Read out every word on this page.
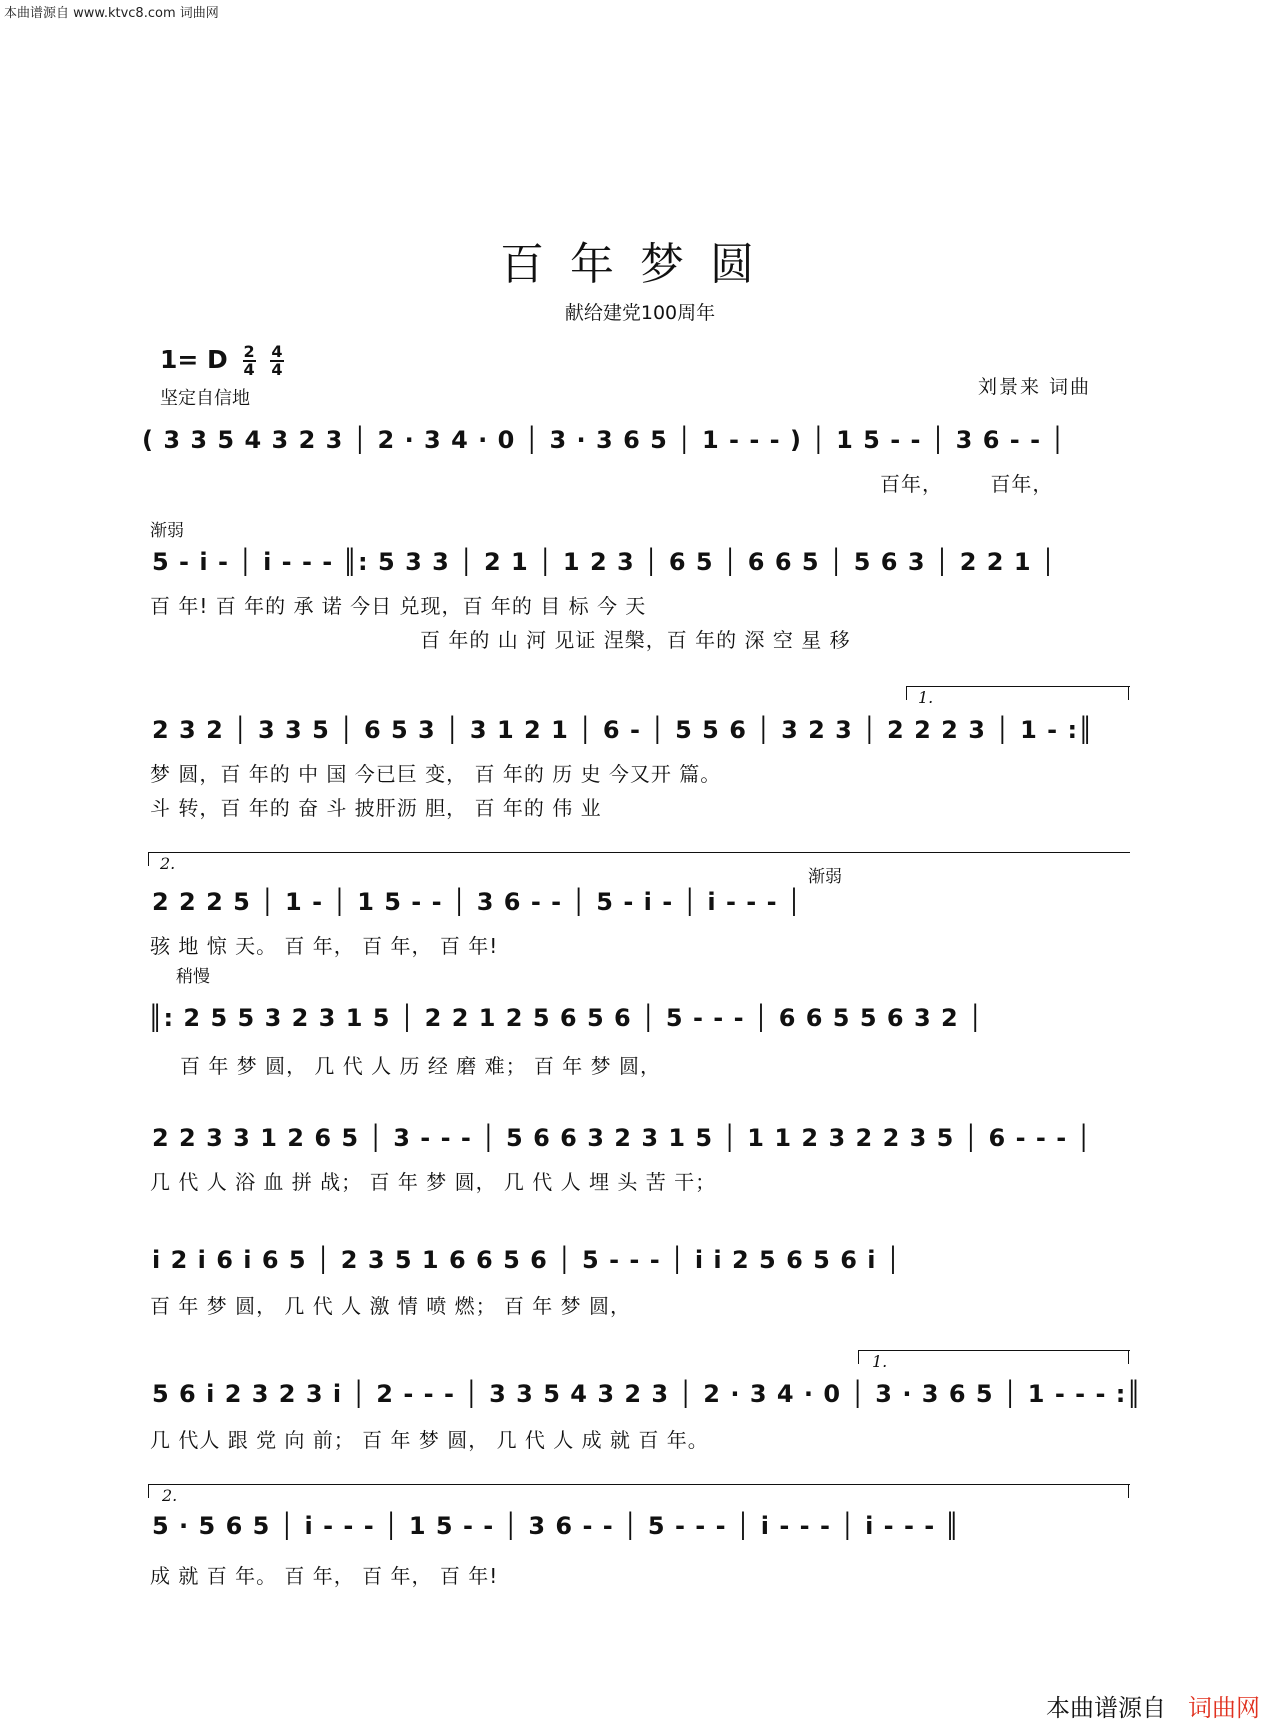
本曲谱源自 www.ktvc8.com 词曲网
百年梦圆
献给建党100周年
1= D $\frac{2}{4}$
$\frac{4}{4}$
坚定自信地
刘景来 词曲
( 3 3 5 4 3 2 3 │ 2 · 3 4 · 0 │ 3 · 3 6 5 │ 1 - - - ) │ 1 5 - - │ 3 6 - - │
百年， 百年，
渐弱
5 - i - │ i - - - ║: 5 3 3 │ 2 1 │ 1 2 3 │ 6 5 │ 6 6 5 │ 5 6 3 │ 2 2 1 │
百 年! 百 年的 承 诺 今日 兑现，百 年的 目 标 今 天
百 年的 山 河 见证 涅槃，百 年的 深 空 星 移
1.
2 3 2 │ 3 3 5 │ 6 5 3 │ 3 1 2 1 │ 6 - │ 5 5 6 │ 3 2 3 │ 2 2 2 3 │ 1 - :║
梦 圆，百 年的 中 国 今已巨 变， 百 年的 历 史 今又开 篇。
斗 转，百 年的 奋 斗 披肝沥 胆， 百 年的 伟 业
2.
渐弱
2 2 2 5 │ 1 - │ 1 5 - - │ 3 6 - - │ 5 - i - │ i - - - │
骇 地 惊 天。 百 年， 百 年， 百 年!
稍慢
║: 2 5 5 3 2 3 1 5 │ 2 2 1 2 5 6 5 6 │ 5 - - - │ 6 6 5 5 6 3 2 │
百 年 梦 圆， 几 代 人 历 经 磨 难； 百 年 梦 圆，
2 2 3 3 1 2 6 5 │ 3 - - - │ 5 6 6 3 2 3 1 5 │ 1 1 2 3 2 2 3 5 │ 6 - - - │
几 代 人 浴 血 拼 战； 百 年 梦 圆， 几 代 人 埋 头 苦 干；
i 2 i 6 i 6 5 │ 2 3 5 1 6 6 5 6 │ 5 - - - │ i i 2 5 6 5 6 i │
百 年 梦 圆， 几 代 人 激 情 喷 燃； 百 年 梦 圆，
1.
5 6 i 2 3 2 3 i │ 2 - - - │ 3 3 5 4 3 2 3 │ 2 · 3 4 · 0 │ 3 · 3 6 5 │ 1 - - - :║
几 代人 跟 党 向 前； 百 年 梦 圆， 几 代 人 成 就 百 年。
2.
5 · 5 6 5 │ i - - - │ 1 5 - - │ 3 6 - - │ 5 - - - │ i - - - │ i - - - ║
成 就 百 年。 百 年， 百 年， 百 年!
本曲谱源自 词曲网
